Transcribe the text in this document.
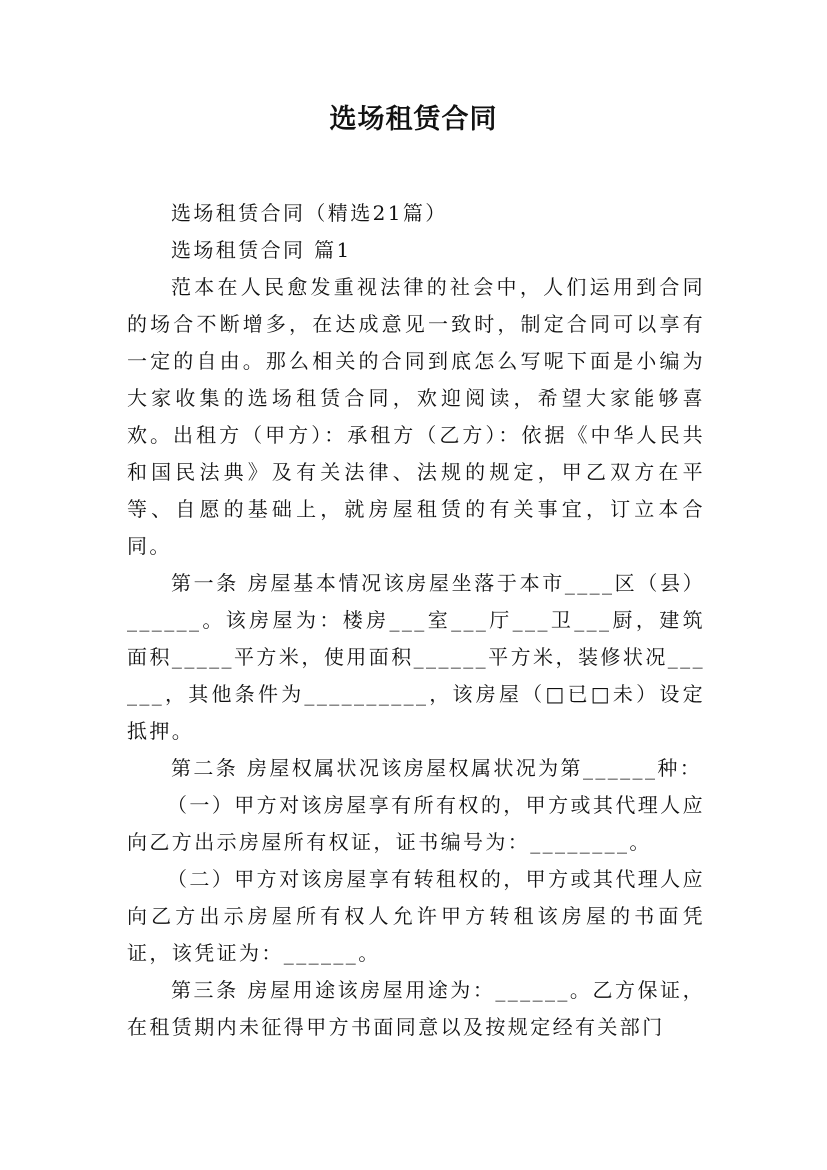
选场租赁合同

选场租赁合同（精选21篇）

选场租赁合同 篇1

范本在人民愈发重视法律的社会中，人们运用到合同的场合不断增多，在达成意见一致时，制定合同可以享有一定的自由。那么相关的合同到底怎么写呢下面是小编为大家收集的选场租赁合同，欢迎阅读，希望大家能够喜欢。出租方（甲方）：承租方（乙方）：依据《中华人民共和国民法典》及有关法律、法规的规定，甲乙双方在平等、自愿的基础上，就房屋租赁的有关事宜，订立本合同。

第一条 房屋基本情况该房屋坐落于本市____区（县）______。该房屋为：楼房___室___厅___卫___厨，建筑面积_____平方米，使用面积______平方米，装修状况______，其他条件为__________，该房屋（□已□未）设定抵押。

第二条 房屋权属状况该房屋权属状况为第______种：

（一）甲方对该房屋享有所有权的，甲方或其代理人应向乙方出示房屋所有权证，证书编号为：________。

（二）甲方对该房屋享有转租权的，甲方或其代理人应向乙方出示房屋所有权人允许甲方转租该房屋的书面凭证，该凭证为：______。

第三条 房屋用途该房屋用途为：______。乙方保证，在租赁期内未征得甲方书面同意以及按规定经有关部门
